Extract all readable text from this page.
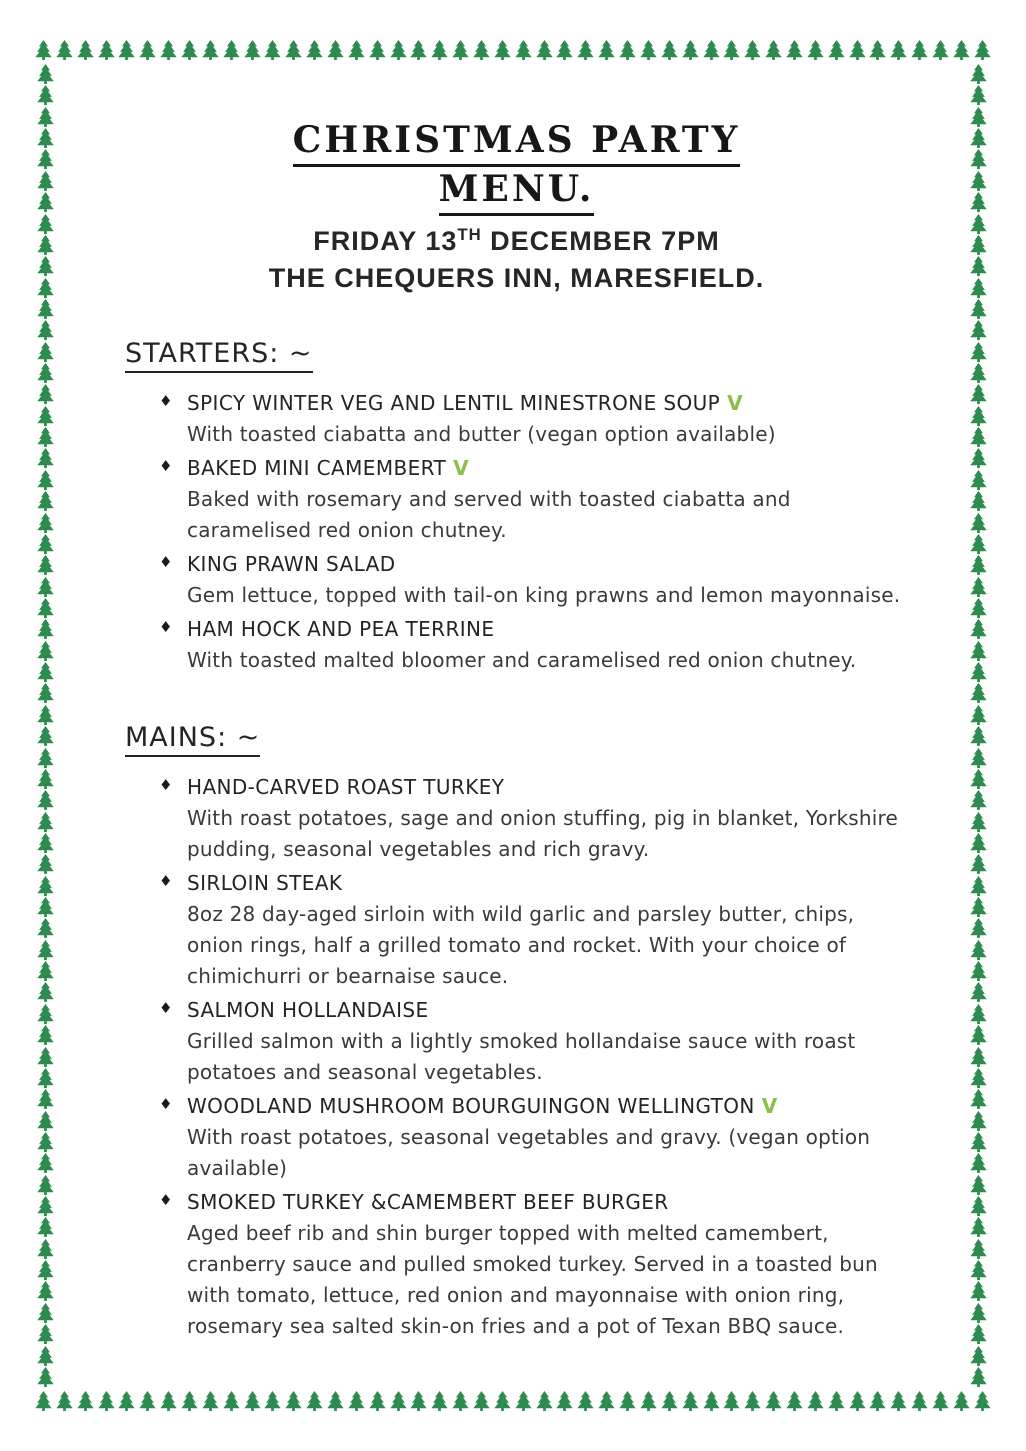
CHRISTMAS PARTY
MENU.
FRIDAY 13TH DECEMBER 7PM
THE CHEQUERS INN, MARESFIELD.
STARTERS: ~
♦ SPICY WINTER VEG AND LENTIL MINESTRONE SOUP V
With toasted ciabatta and butter (vegan option available)
♦ BAKED MINI CAMEMBERT V
Baked with rosemary and served with toasted ciabatta and caramelised red onion chutney.
♦ KING PRAWN SALAD
Gem lettuce, topped with tail-on king prawns and lemon mayonnaise.
♦ HAM HOCK AND PEA TERRINE
With toasted malted bloomer and caramelised red onion chutney.
MAINS: ~
♦ HAND-CARVED ROAST TURKEY
With roast potatoes, sage and onion stuffing, pig in blanket, Yorkshire pudding, seasonal vegetables and rich gravy.
♦ SIRLOIN STEAK
8oz 28 day-aged sirloin with wild garlic and parsley butter, chips, onion rings, half a grilled tomato and rocket. With your choice of chimichurri or bearnaise sauce.
♦ SALMON HOLLANDAISE
Grilled salmon with a lightly smoked hollandaise sauce with roast potatoes and seasonal vegetables.
♦ WOODLAND MUSHROOM BOURGUINGON WELLINGTON V
With roast potatoes, seasonal vegetables and gravy. (vegan option available)
♦ SMOKED TURKEY &CAMEMBERT BEEF BURGER
Aged beef rib and shin burger topped with melted camembert, cranberry sauce and pulled smoked turkey. Served in a toasted bun with tomato, lettuce, red onion and mayonnaise with onion ring, rosemary sea salted skin-on fries and a pot of Texan BBQ sauce.
